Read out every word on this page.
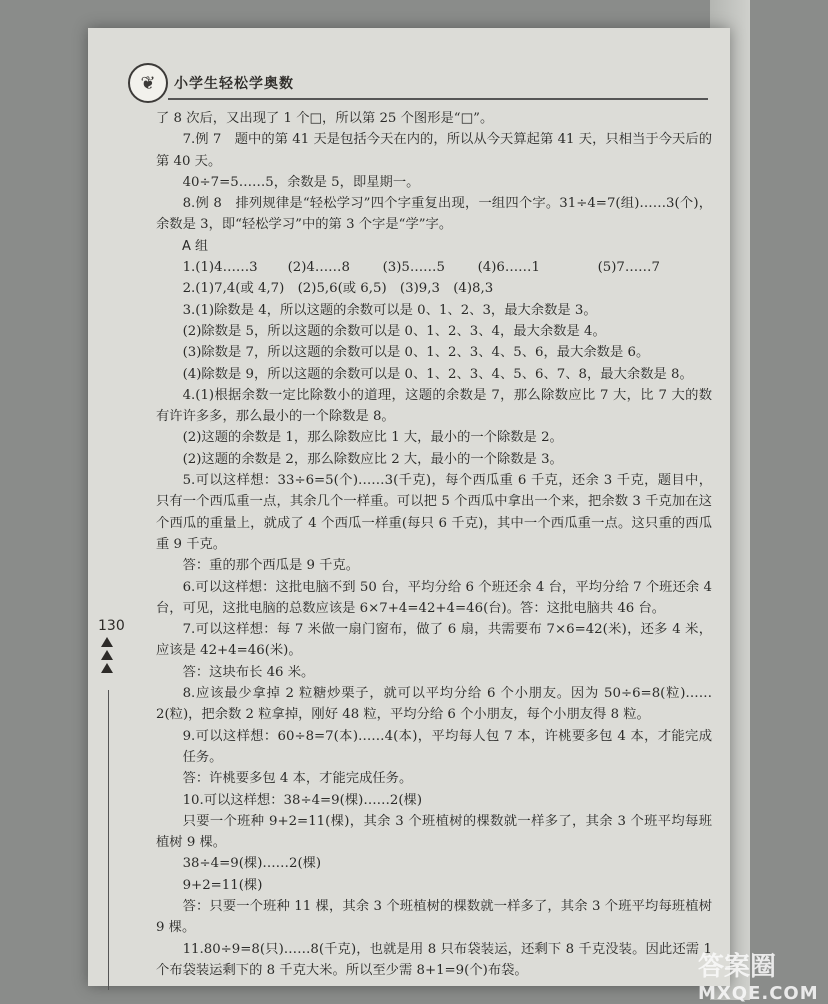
❦	小学生轻松学奥数
130

了 8 次后，又出现了 1 个□，所以第 25 个图形是“□”。

7.例 7　题中的第 41 天是包括今天在内的，所以从今天算起第 41 天，只相当于今天后的第 40 天。

40÷7=5……5，余数是 5，即星期一。

8.例 8　排列规律是“轻松学习”四个字重复出现，一组四个字。31÷4=7(组)……3(个)，余数是 3，即“轻松学习”中的第 3 个字是“学”字。

A 组

1.(1)4……3	(2)4……8	(3)5……5	(4)6……1	(5)7……7

2.(1)7,4(或 4,7)　(2)5,6(或 6,5)　(3)9,3　(4)8,3

3.(1)除数是 4，所以这题的余数可以是 0、1、2、3，最大余数是 3。

(2)除数是 5，所以这题的余数可以是 0、1、2、3、4，最大余数是 4。

(3)除数是 7，所以这题的余数可以是 0、1、2、3、4、5、6，最大余数是 6。

(4)除数是 9，所以这题的余数可以是 0、1、2、3、4、5、6、7、8，最大余数是 8。

4.(1)根据余数一定比除数小的道理，这题的余数是 7，那么除数应比 7 大，比 7 大的数有许许多多，那么最小的一个除数是 8。

(2)这题的余数是 1，那么除数应比 1 大，最小的一个除数是 2。

(2)这题的余数是 2，那么除数应比 2 大，最小的一个除数是 3。

5.可以这样想：33÷6=5(个)……3(千克)，每个西瓜重 6 千克，还余 3 千克，题目中，只有一个西瓜重一点，其余几个一样重。可以把 5 个西瓜中拿出一个来，把余数 3 千克加在这个西瓜的重量上，就成了 4 个西瓜一样重(每只 6 千克)，其中一个西瓜重一点。这只重的西瓜重 9 千克。

答：重的那个西瓜是 9 千克。

6.可以这样想：这批电脑不到 50 台，平均分给 6 个班还余 4 台，平均分给 7 个班还余 4 台，可见，这批电脑的总数应该是 6×7+4=42+4=46(台)。答：这批电脑共 46 台。

7.可以这样想：每 7 米做一扇门窗布，做了 6 扇，共需要布 7×6=42(米)，还多 4 米，应该是 42+4=46(米)。

答：这块布长 46 米。

8.应该最少拿掉 2 粒糖炒栗子，就可以平均分给 6 个小朋友。因为 50÷6=8(粒)……2(粒)，把余数 2 粒拿掉，刚好 48 粒，平均分给 6 个小朋友，每个小朋友得 8 粒。

9.可以这样想：60÷8=7(本)……4(本)，平均每人包 7 本，许桃要多包 4 本，才能完成任务。

答：许桃要多包 4 本，才能完成任务。

10.可以这样想：38÷4=9(棵)……2(棵)

只要一个班种 9+2=11(棵)，其余 3 个班植树的棵数就一样多了，其余 3 个班平均每班植树 9 棵。

38÷4=9(棵)……2(棵)

9+2=11(棵)

答：只要一个班种 11 棵，其余 3 个班植树的棵数就一样多了，其余 3 个班平均每班植树 9 棵。

11.80÷9=8(只)……8(千克)，也就是用 8 只布袋装运，还剩下 8 千克没装。因此还需 1 个布袋装运剩下的 8 千克大米。所以至少需 8+1=9(个)布袋。	答案圈
MXQE.COM
